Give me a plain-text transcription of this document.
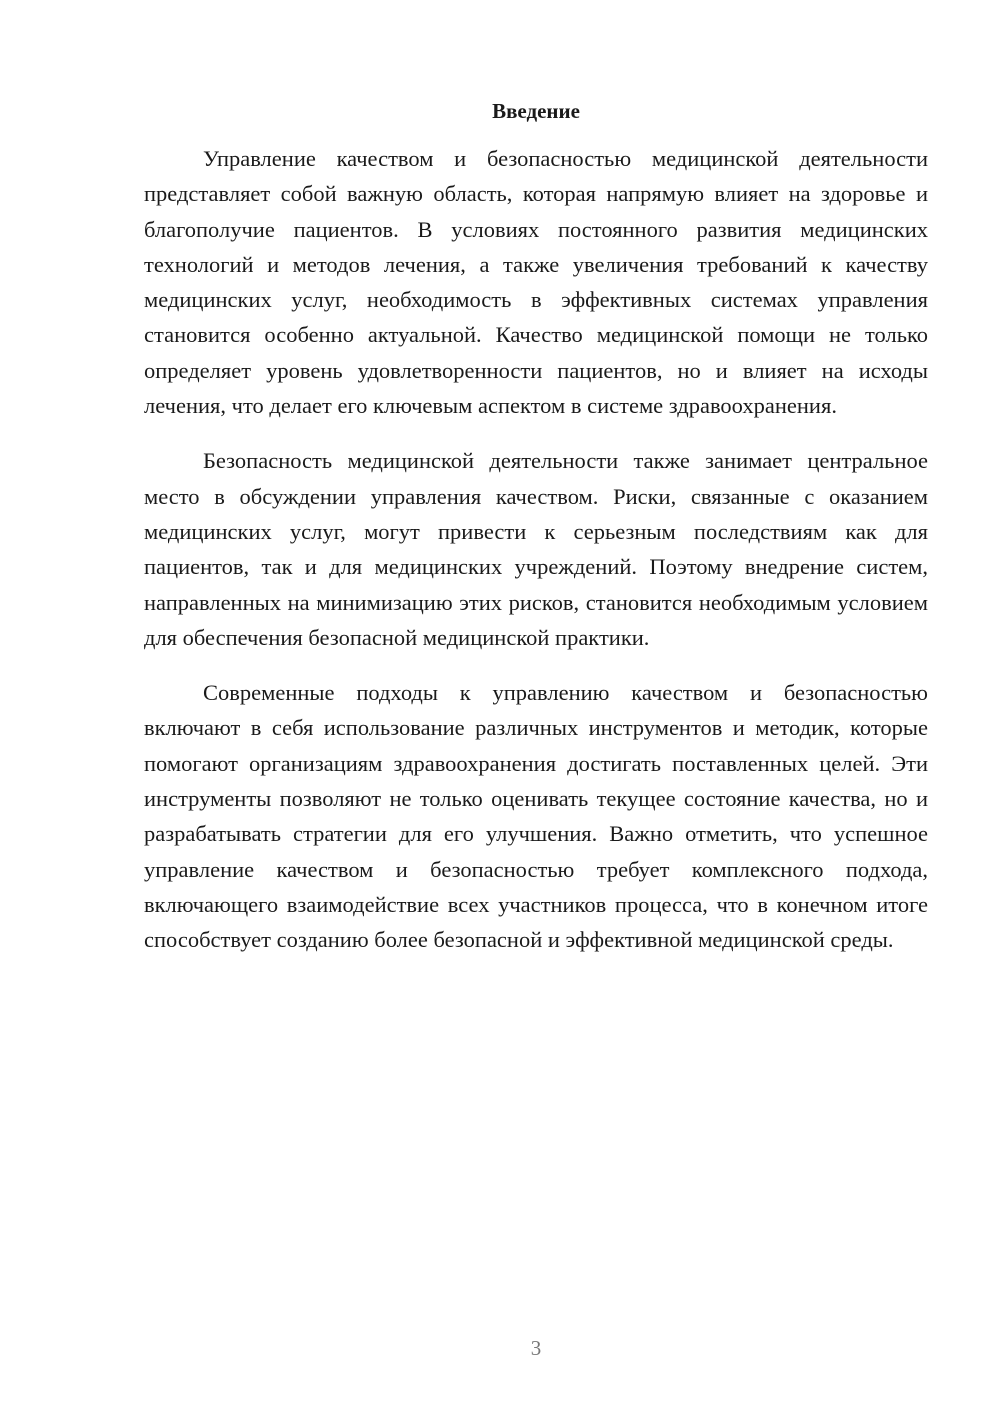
Введение

Управление качеством и безопасностью медицинской деятельности представляет собой важную область, которая напрямую влияет на здоровье и благополучие пациентов. В условиях постоянного развития медицинских технологий и методов лечения, а также увеличения требований к качеству медицинских услуг, необходимость в эффективных системах управления становится особенно актуальной. Качество медицинской помощи не только определяет уровень удовлетворенности пациентов, но и влияет на исходы лечения, что делает его ключевым аспектом в системе здравоохранения.

Безопасность медицинской деятельности также занимает центральное место в обсуждении управления качеством. Риски, связанные с оказанием медицинских услуг, могут привести к серьезным последствиям как для пациентов, так и для медицинских учреждений. Поэтому внедрение систем, направленных на минимизацию этих рисков, становится необходимым условием для обеспечения безопасной медицинской практики.

Современные подходы к управлению качеством и безопасностью включают в себя использование различных инструментов и методик, которые помогают организациям здравоохранения достигать поставленных целей. Эти инструменты позволяют не только оценивать текущее состояние качества, но и разрабатывать стратегии для его улучшения. Важно отметить, что успешное управление качеством и безопасностью требует комплексного подхода, включающего взаимодействие всех участников процесса, что в конечном итоге способствует созданию более безопасной и эффективной медицинской среды.

3
